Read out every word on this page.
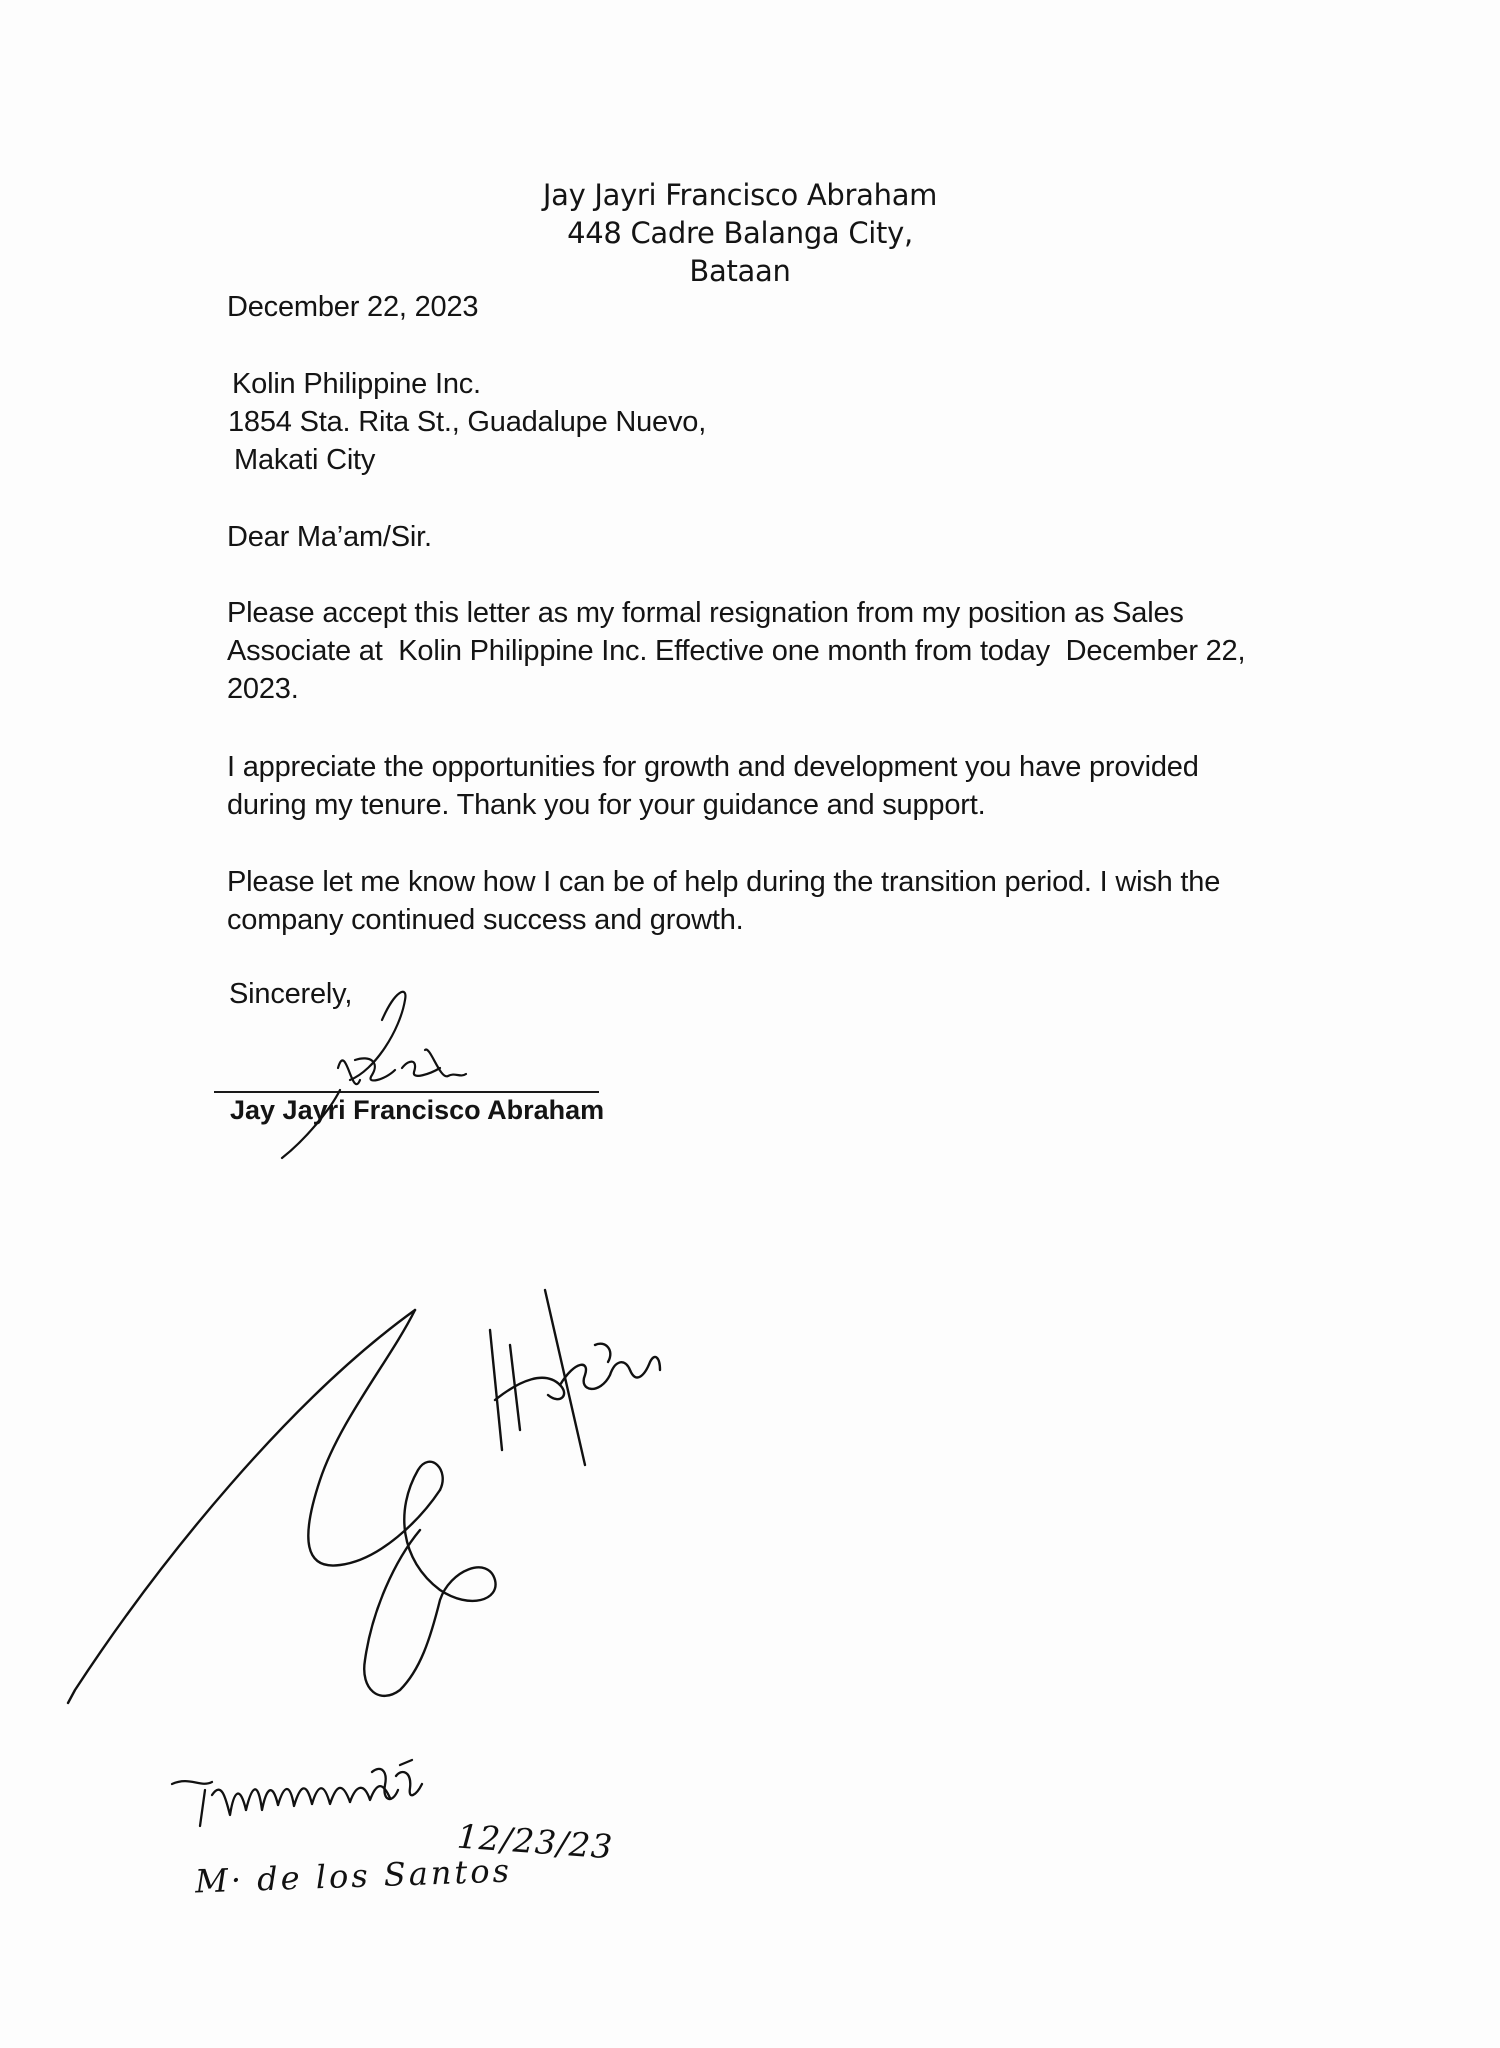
Jay Jayri Francisco Abraham
448 Cadre Balanga City,
Bataan
December 22, 2023
Kolin Philippine Inc.
1854 Sta. Rita St., Guadalupe Nuevo,
Makati City
Dear Ma’am/Sir.
Please accept this letter as my formal resignation from my position as Sales
Associate at  Kolin Philippine Inc. Effective one month from today  December 22,
2023.
I appreciate the opportunities for growth and development you have provided
during my tenure. Thank you for your guidance and support.
Please let me know how I can be of help during the transition period. I wish the
company continued success and growth.
Sincerely,
Jay Jayri Francisco Abraham
M· de los Santos
12/23/23
